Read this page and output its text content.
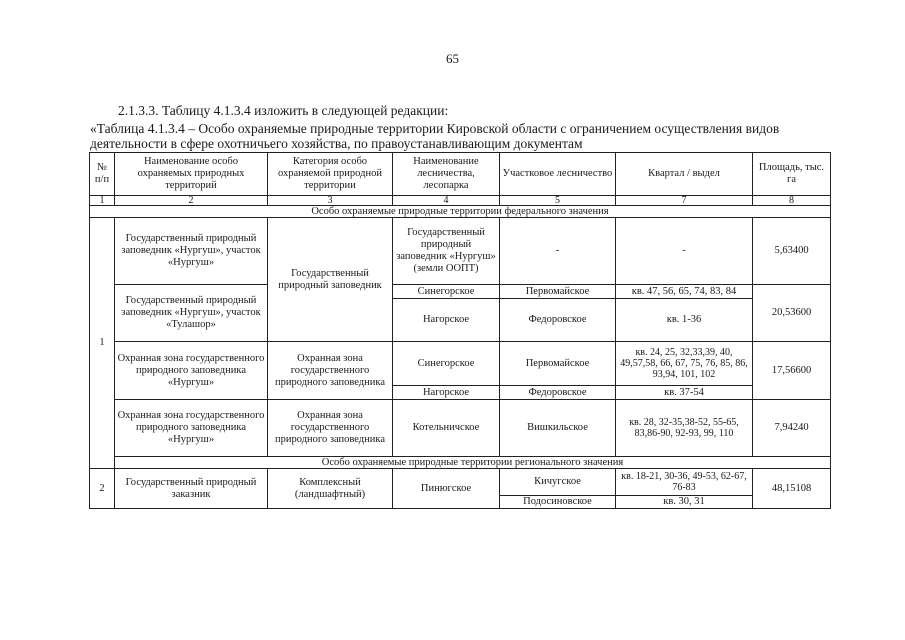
65
2.1.3.3. Таблицу 4.1.3.4 изложить в следующей редакции:
«Таблица 4.1.3.4 – Особо охраняемые природные территории Кировской области с ограничением осуществления видов
деятельности в сфере охотничьего хозяйства, по правоустанавливающим документам
№ п/п	Наименование особо охраняемых природных территорий	Категория особо охраняемой природной территории	Наименование лесничества, лесопарка	Участковое лесничество	Квартал / выдел	Площадь, тыс. га
1	2	3	4	5	7	8
Особо охраняемые природные территории федерального значения						
1	Государственный природный заповедник «Нургуш», участок «Нургуш»	Государственный природный заповедник	Государственный природный заповедник «Нургуш» (земли ООПТ)	-	-	5,63400
	Государственный природный заповедник «Нургуш», участок «Тулашор»		Синегорское	Первомайское	кв. 47, 56, 65, 74, 83, 84	20,53600
			Нагорское	Федоровское	кв. 1-36	
	Охранная зона государственного природного заповедника «Нургуш»	Охранная зона государственного природного заповедника	Синегорское	Первомайское	кв. 24, 25, 32,33,39, 40, 49,57,58, 66, 67, 75, 76, 85, 86, 93,94, 101, 102	17,56600
			Нагорское	Федоровское	кв. 37-54	
	Охранная зона государственного природного заповедника «Нургуш»	Охранная зона государственного природного заповедника	Котельничское	Вишкильское	кв. 28, 32-35,38-52, 55-65, 83,86-90, 92-93, 99, 110	7,94240
	Особо охраняемые природные территории регионального значения					
2	Государственный природный заказник	Комплексный (ландшафтный)	Пинюгское	Кичугское	кв. 18-21, 30-36, 49-53, 62-67, 76-83	48,15108
				Подосиновское	кв. 30, 31	
